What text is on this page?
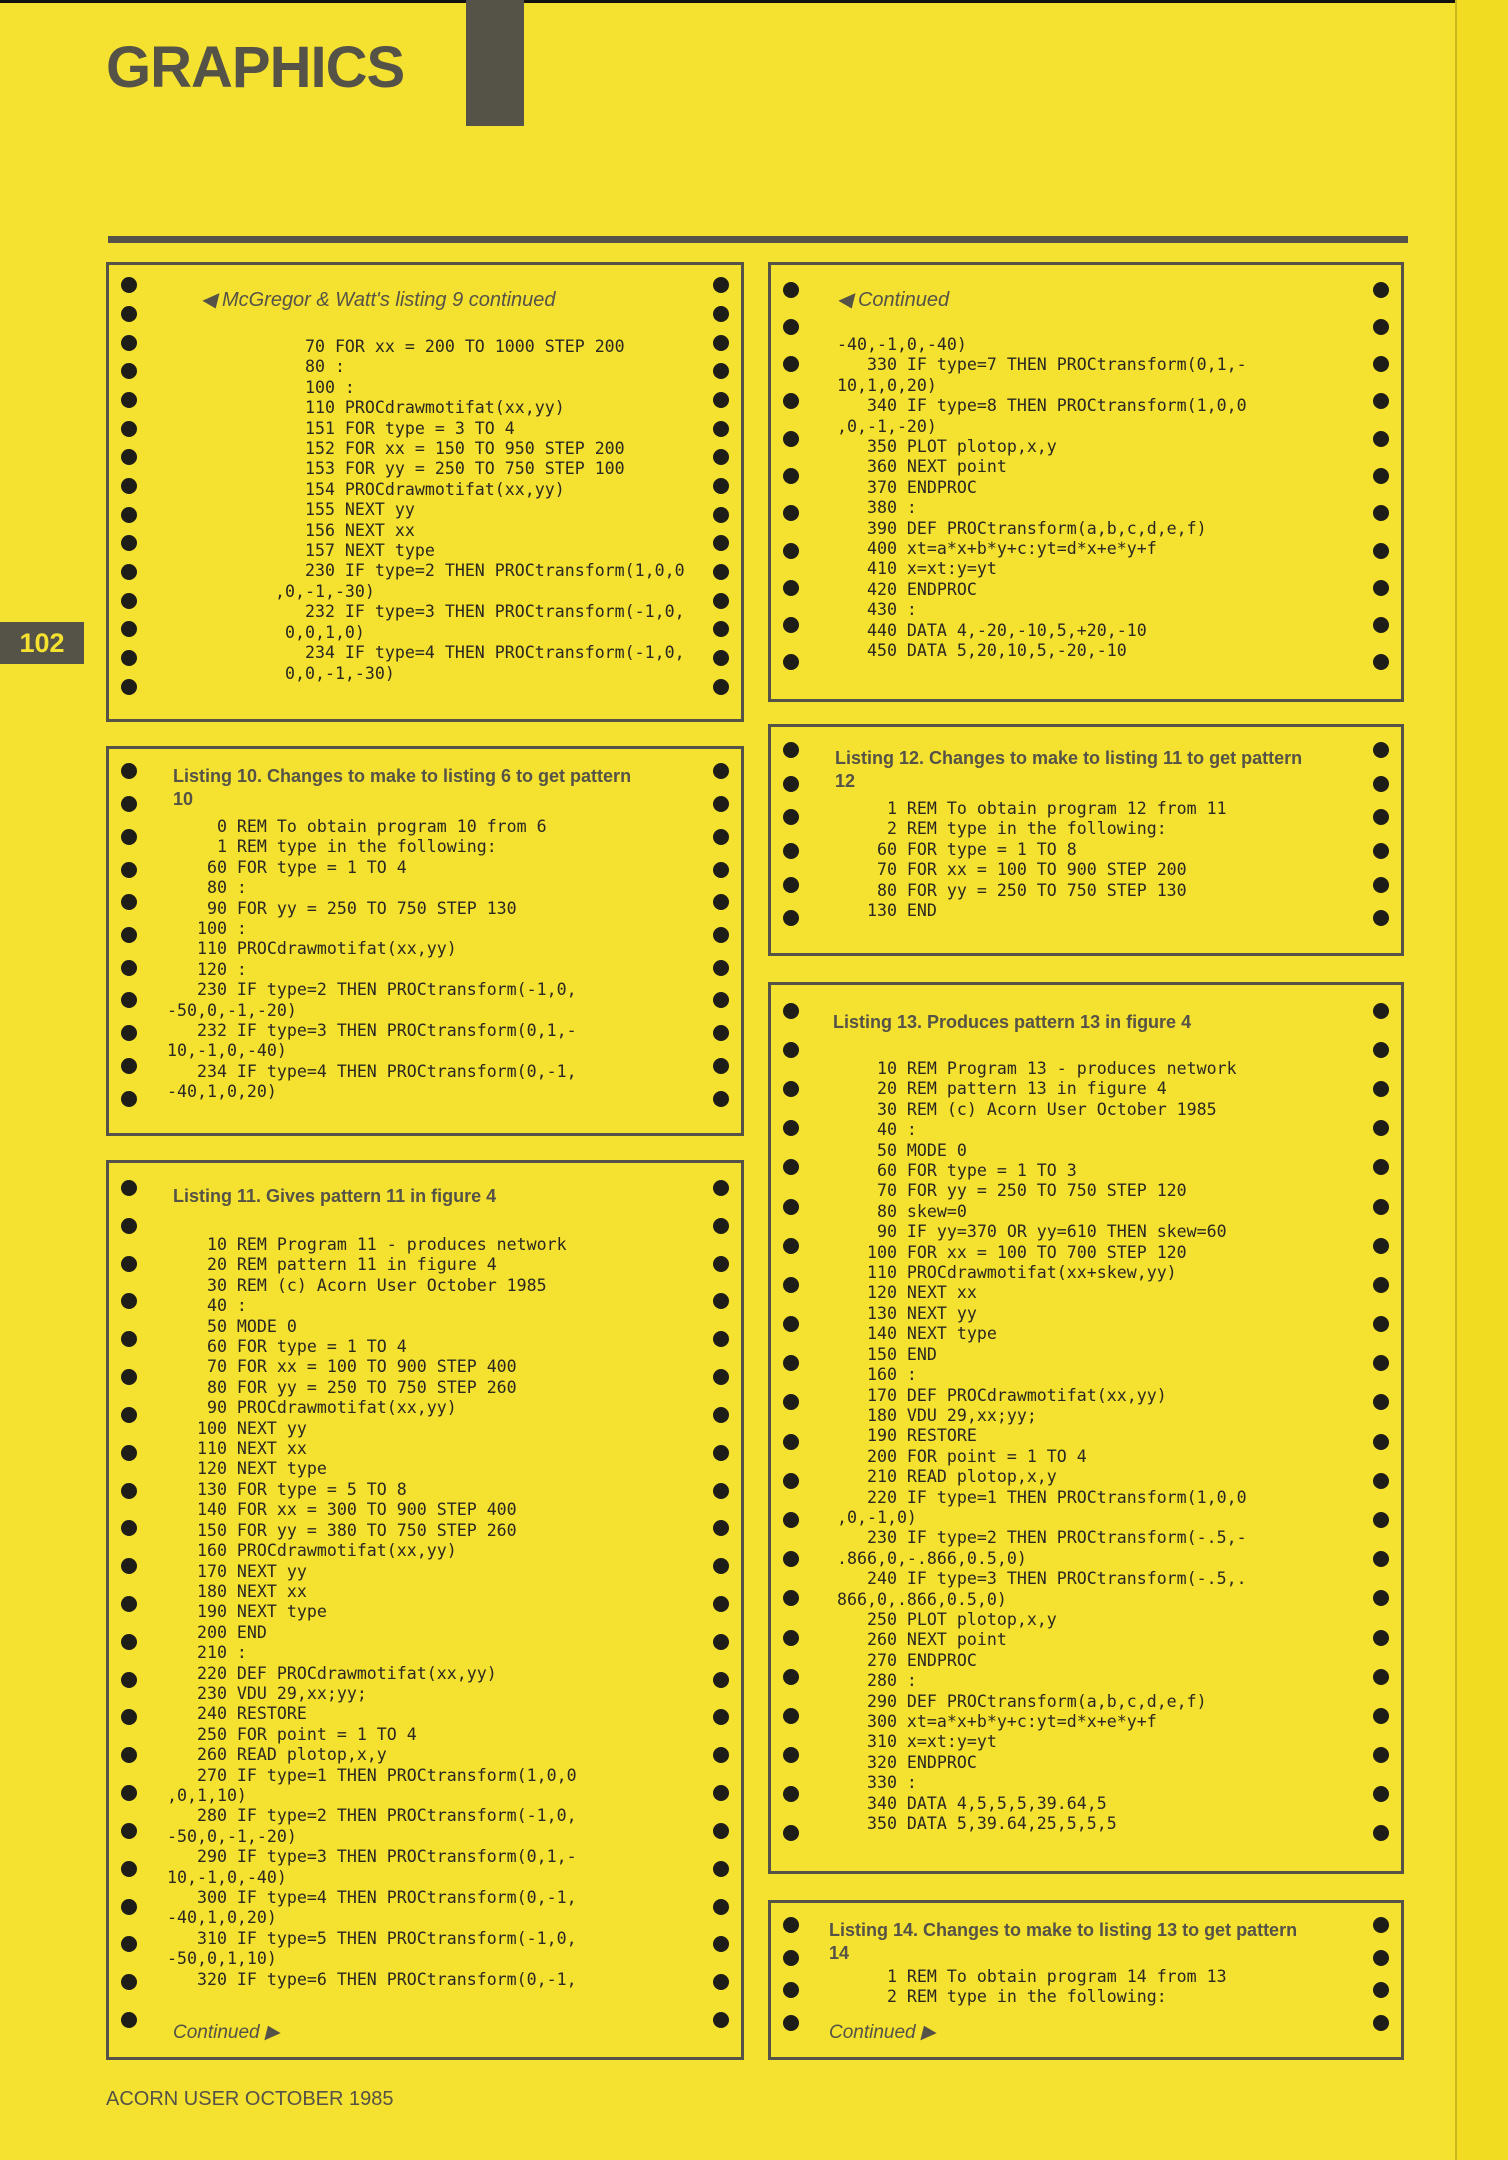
GRAPHICS
102
◀ McGregor & Watt's listing 9 continued
70 FOR xx = 200 TO 1000 STEP 200
80 :
100 :
110 PROCdrawmotifat(xx,yy)
151 FOR type = 3 TO 4
152 FOR xx = 150 TO 950 STEP 200
153 FOR yy = 250 TO 750 STEP 100
154 PROCdrawmotifat(xx,yy)
155 NEXT yy
156 NEXT xx
157 NEXT type
230 IF type=2 THEN PROCtransform(1,0,0
,0,-1,-30)
232 IF type=3 THEN PROCtransform(-1,0,
0,0,1,0)
234 IF type=4 THEN PROCtransform(-1,0,
0,0,-1,-30)
Listing 10. Changes to make to listing 6 to get pattern 10
0 REM To obtain program 10 from 6
1 REM type in the following:
60 FOR type = 1 TO 4
80 :
90 FOR yy = 250 TO 750 STEP 130
100 :
110 PROCdrawmotifat(xx,yy)
120 :
230 IF type=2 THEN PROCtransform(-1,0,
-50,0,-1,-20)
232 IF type=3 THEN PROCtransform(0,1,-
10,-1,0,-40)
234 IF type=4 THEN PROCtransform(0,-1,
-40,1,0,20)
Listing 11. Gives pattern 11 in figure 4
10 REM Program 11 - produces network
20 REM pattern 11 in figure 4
30 REM (c) Acorn User October 1985
40 :
50 MODE 0
60 FOR type = 1 TO 4
70 FOR xx = 100 TO 900 STEP 400
80 FOR yy = 250 TO 750 STEP 260
90 PROCdrawmotifat(xx,yy)
100 NEXT yy
110 NEXT xx
120 NEXT type
130 FOR type = 5 TO 8
140 FOR xx = 300 TO 900 STEP 400
150 FOR yy = 380 TO 750 STEP 260
160 PROCdrawmotifat(xx,yy)
170 NEXT yy
180 NEXT xx
190 NEXT type
200 END
210 :
220 DEF PROCdrawmotifat(xx,yy)
230 VDU 29,xx;yy;
240 RESTORE
250 FOR point = 1 TO 4
260 READ plotop,x,y
270 IF type=1 THEN PROCtransform(1,0,0
,0,1,10)
280 IF type=2 THEN PROCtransform(-1,0,
-50,0,-1,-20)
290 IF type=3 THEN PROCtransform(0,1,-
10,-1,0,-40)
300 IF type=4 THEN PROCtransform(0,-1,
-40,1,0,20)
310 IF type=5 THEN PROCtransform(-1,0,
-50,0,1,10)
320 IF type=6 THEN PROCtransform(0,-1,
Continued ▶
◀ Continued
-40,-1,0,-40)
330 IF type=7 THEN PROCtransform(0,1,-
10,1,0,20)
340 IF type=8 THEN PROCtransform(1,0,0
,0,-1,-20)
350 PLOT plotop,x,y
360 NEXT point
370 ENDPROC
380 :
390 DEF PROCtransform(a,b,c,d,e,f)
400 xt=a*x+b*y+c:yt=d*x+e*y+f
410 x=xt:y=yt
420 ENDPROC
430 :
440 DATA 4,-20,-10,5,+20,-10
450 DATA 5,20,10,5,-20,-10
Listing 12. Changes to make to listing 11 to get pattern 12
1 REM To obtain program 12 from 11
2 REM type in the following:
60 FOR type = 1 TO 8
70 FOR xx = 100 TO 900 STEP 200
80 FOR yy = 250 TO 750 STEP 130
130 END
Listing 13. Produces pattern 13 in figure 4
10 REM Program 13 - produces network
20 REM pattern 13 in figure 4
30 REM (c) Acorn User October 1985
40 :
50 MODE 0
60 FOR type = 1 TO 3
70 FOR yy = 250 TO 750 STEP 120
80 skew=0
90 IF yy=370 OR yy=610 THEN skew=60
100 FOR xx = 100 TO 700 STEP 120
110 PROCdrawmotifat(xx+skew,yy)
120 NEXT xx
130 NEXT yy
140 NEXT type
150 END
160 :
170 DEF PROCdrawmotifat(xx,yy)
180 VDU 29,xx;yy;
190 RESTORE
200 FOR point = 1 TO 4
210 READ plotop,x,y
220 IF type=1 THEN PROCtransform(1,0,0
,0,-1,0)
230 IF type=2 THEN PROCtransform(-.5,-
.866,0,-.866,0.5,0)
240 IF type=3 THEN PROCtransform(-.5,.
866,0,.866,0.5,0)
250 PLOT plotop,x,y
260 NEXT point
270 ENDPROC
280 :
290 DEF PROCtransform(a,b,c,d,e,f)
300 xt=a*x+b*y+c:yt=d*x+e*y+f
310 x=xt:y=yt
320 ENDPROC
330 :
340 DATA 4,5,5,5,39.64,5
350 DATA 5,39.64,25,5,5,5
Listing 14. Changes to make to listing 13 to get pattern 14
1 REM To obtain program 14 from 13
2 REM type in the following:
Continued ▶
ACORN USER OCTOBER 1985
